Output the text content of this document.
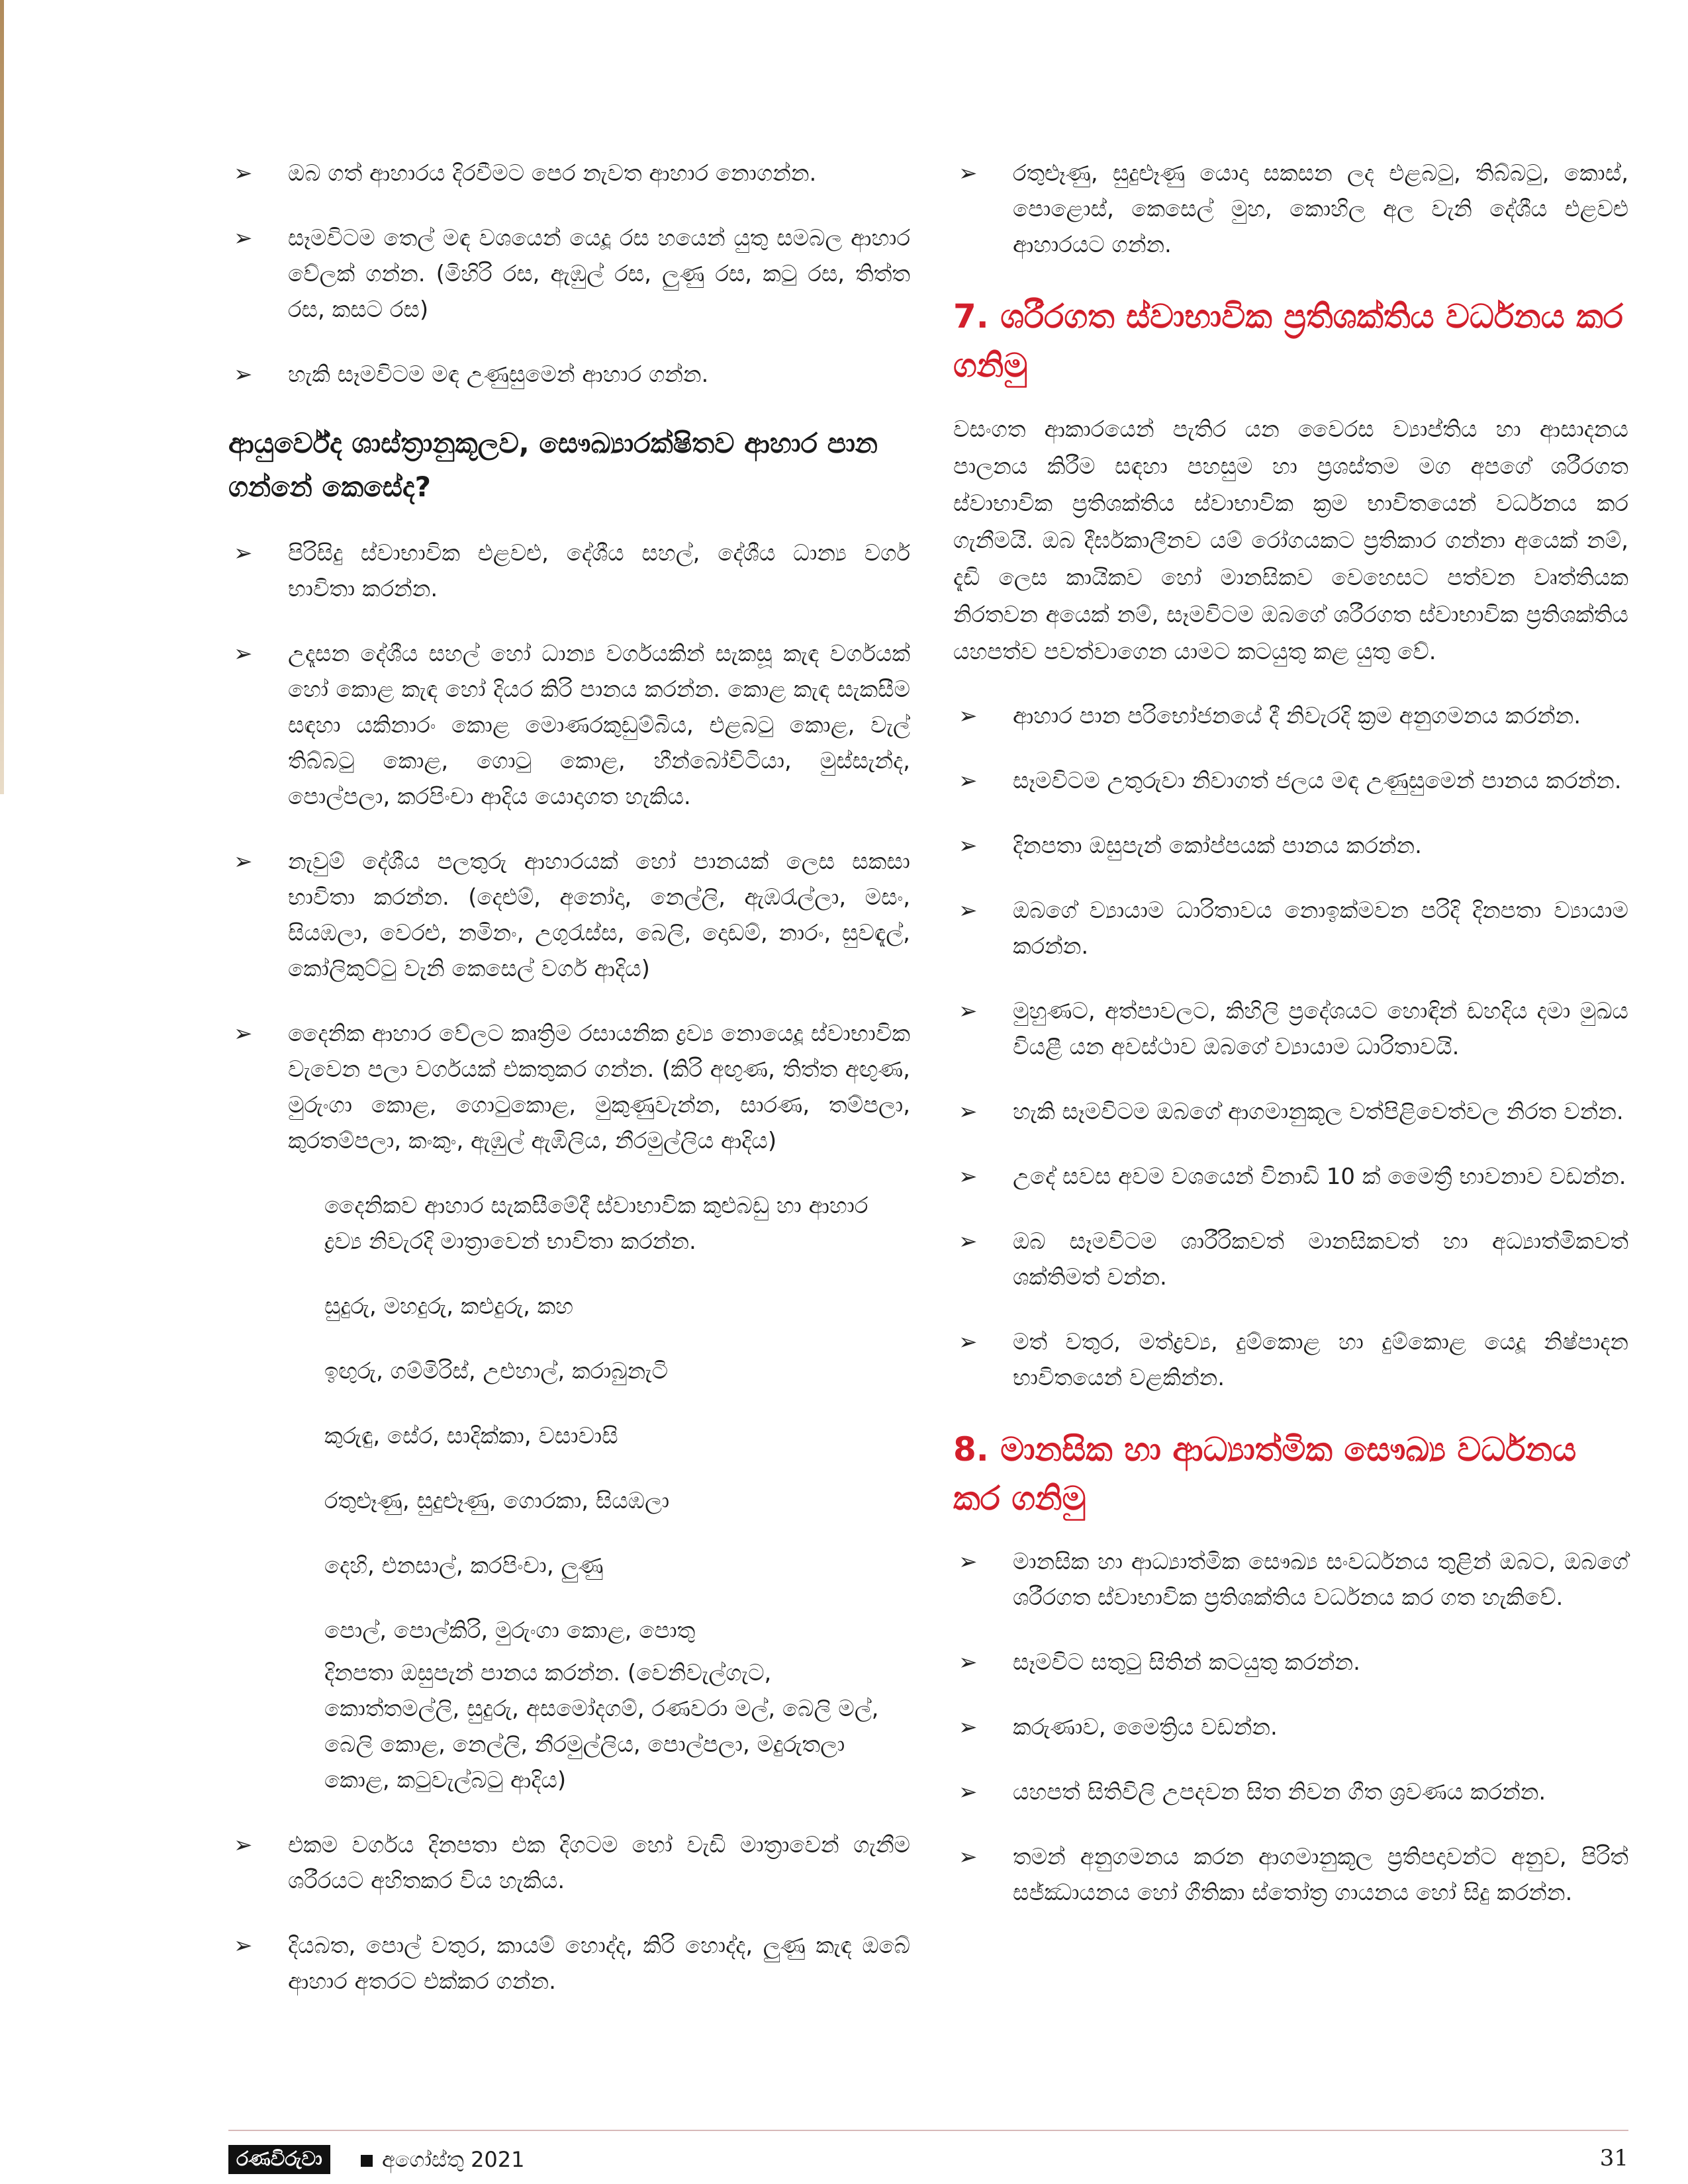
➢ ඔබ ගත් ආහාරය දිරවීමට පෙර නැවත ආහාර නොගන්න.
➢ සෑමවිටම තෙල් මඳ වශයෙන් යෙදූ රස හයෙන් යුතු සමබල ආහාර වේලක් ගන්න. (මිහිරි රස, ඇඹුල් රස, ලුණු රස, කටු රස, තිත්ත රස, කසට රස)
➢ හැකි සෑමවිටම මඳ උණුසුමෙන් ආහාර ගන්න.
ආයුර්වේද ශාස්ත්‍රානුකූලව, සෞඛ්‍යාරක්ෂිතව ආහාර පාන ගන්නේ කෙසේද?
➢ පිරිසිදු ස්වාභාවික එළවළු, දේශීය සහල්, දේශීය ධාන්‍ය වර්ග භාවිතා කරන්න.
➢ උදෑසන දේශීය සහල් හෝ ධාන්‍ය වර්ගයකින් සැකසූ කැඳ වර්ගයක් හෝ කොළ කැඳ හෝ දියර කිරි පානය කරන්න. කොළ කැඳ සැකසීම සඳහා යකිනාරං කොළ මොණරකුඩුම්බිය, එළබටු කොළ, වැල් තිබ්බටු කොළ, ගොටු කොළ, හීන්බෝවිටියා, මුස්සැන්ද, පොල්පලා, කරපිංචා ආදිය යොදාගත හැකිය.
➢ නැවුම් දේශීය පලතුරු ආහාරයක් හෝ පානයක් ලෙස සකසා භාවිතා කරන්න. (දෙළුම්, අනෝදා, නෙල්ලි, ඇඹරැල්ලා, මසං, සියඹලා, වෙරළු, නමිනං, උගුරැස්ස, බෙලි, දොඩම්, නාරං, සුවඳැල්, කෝලිකුට්ටු වැනි කෙසෙල් වර්ග ආදිය)
➢ දෛනික ආහාර වේලට කෘත්‍රිම රසායනික ද්‍රව්‍ය නොයෙදූ ස්වාභාවික වැවෙන පලා වර්ගයක් එකතුකර ගන්න. (කිරි අඟුණ, තිත්ත අඟුණ, මුරුංගා කොළ, ගොටුකොළ, මුකුණුවැන්න, සාරණ, තම්පලා, කුරතම්පලා, කංකුං, ඇඹුල් ඇඹිලිය, නීරමුල්ලිය ආදිය)

දෛනිකව ආහාර සැකසීමේදී ස්වාභාවික කුළුබඩු හා ආහාර ද්‍රව්‍ය නිවැරදි මාත්‍රාවෙන් භාවිතා කරන්න.

සුදුරු, මහදුරු, කළුදුරු, කහ

ඉඟුරු, ගම්මිරිස්, උළුහාල්, කරාබුනැටි

කුරුඳු, සේර, සාදික්කා, වසාවාසි

රතුළූණු, සුදුළූණු, ගොරකා, සියඹලා

දෙහි, එනසාල්, කරපිංචා, ලුණු

පොල්, පොල්කිරි, මුරුංගා කොළ, පොතු

දිනපතා ඔසුපැන් පානය කරන්න. (වෙනිවැල්ගැට, කොත්තමල්ලි, සුදුරු, අසමෝදගම්, රණවරා මල්, බෙලි මල්, බෙලි කොළ, නෙල්ලි, නීරමුල්ලිය, පොල්පලා, මදුරුතලා කොළ, කටුවැල්බටු ආදිය)

➢ එකම වර්ගය දිනපතා එක දිගටම හෝ වැඩි මාත්‍රාවෙන් ගැනීම ශරීරයට අහිතකර විය හැකිය.
➢ දියබත, පොල් වතුර, කායම් හොද්ද, කිරි හොද්ද, ලුණු කැඳ ඔබේ ආහාර අතරට එක්කර ගන්න.
➢ රතුළූණු, සුදුළූණු යොදා සකසන ලද එළබටු, තිබ්බටු, කොස්, පොළොස්, කෙසෙල් මුහ, කොහිල අල වැනි දේශීය එළවළු ආහාරයට ගන්න.
7. ශරීරගත ස්වාභාවික ප්‍රතිශක්තිය වර්ධනය කර ගනිමු
වසංගත ආකාරයෙන් පැතිර යන වෛරස ව්‍යාප්තිය හා ආසාදනය පාලනය කිරීම සඳහා පහසුම හා ප්‍රශස්තම මග අපගේ ශරීරගත ස්වාභාවික ප්‍රතිශක්තිය ස්වාභාවික ක්‍රම භාවිතයෙන් වර්ධනය කර ගැනීමයි. ඔබ දීර්ඝකාලීනව යම් රෝගයකට ප්‍රතිකාර ගන්නා අයෙක් නම්, දැඩි ලෙස කායිකව හෝ මානසිකව වෙහෙසට පත්වන වෘත්තියක නිරතවන අයෙක් නම්, සෑමවිටම ඔබගේ ශරීරගත ස්වාභාවික ප්‍රතිශක්තිය යහපත්ව පවත්වාගෙන යාමට කටයුතු කළ යුතු වේ.
➢ ආහාර පාන පරිභෝජනයේ දී නිවැරදි ක්‍රම අනුගමනය කරන්න.
➢ සෑමවිටම උතුරුවා නිවාගත් ජලය මඳ උණුසුමෙන් පානය කරන්න.
➢ දිනපතා ඔසුපැන් කෝප්පයක් පානය කරන්න.
➢ ඔබගේ ව්‍යායාම ධාරිතාවය නොඉක්මවන පරිදි දිනපතා ව්‍යායාම කරන්න.
➢ මුහුණට, අත්පාවලට, කිහිලි ප්‍රදේශයට හොඳින් ඩහදිය දමා මුඛය වියළී යන අවස්ථාව ඔබගේ ව්‍යායාම ධාරිතාවයි.
➢ හැකි සෑමවිටම ඔබගේ ආගමානුකූල වත්පිළිවෙත්වල නිරත වන්න.
➢ උදේ සවස අවම වශයෙන් විනාඩි 10 ක් මෛත්‍රී භාවනාව වඩන්න.
➢ ඔබ සෑමවිටම ශාරීරිකවත් මානසිකවත් හා අධ්‍යාත්මිකවත් ශක්තිමත් වන්න.
➢ මත් වතුර, මත්ද්‍රව්‍ය, දුම්කොළ හා දුම්කොළ යෙදූ නිෂ්පාදන භාවිතයෙන් වළකින්න.
8. මානසික හා ආධ්‍යාත්මික සෞඛ්‍ය වර්ධනය කර ගනිමු
➢ මානසික හා ආධ්‍යාත්මික සෞඛ්‍ය සංවර්ධනය තුළින් ඔබට, ඔබගේ ශරීරගත ස්වාභාවික ප්‍රතිශක්තිය වර්ධනය කර ගත හැකිවේ.
➢ සෑමවිට සතුටු සිතින් කටයුතු කරන්න.
➢ කරුණාව, මෛත්‍රිය වඩන්න.
➢ යහපත් සිතිවිලි උපදවන සිත නිවන ගීත ශ්‍රවණය කරන්න.
➢ තමන් අනුගමනය කරන ආගමානුකූල ප්‍රතිපදාවන්ට අනුව, පිරිත් සජ්ඣායනය හෝ ගීතිකා ස්තෝත්‍ර ගායනය හෝ සිදු කරන්න.
රණවිරුවා	අගෝස්තු 2021	31
